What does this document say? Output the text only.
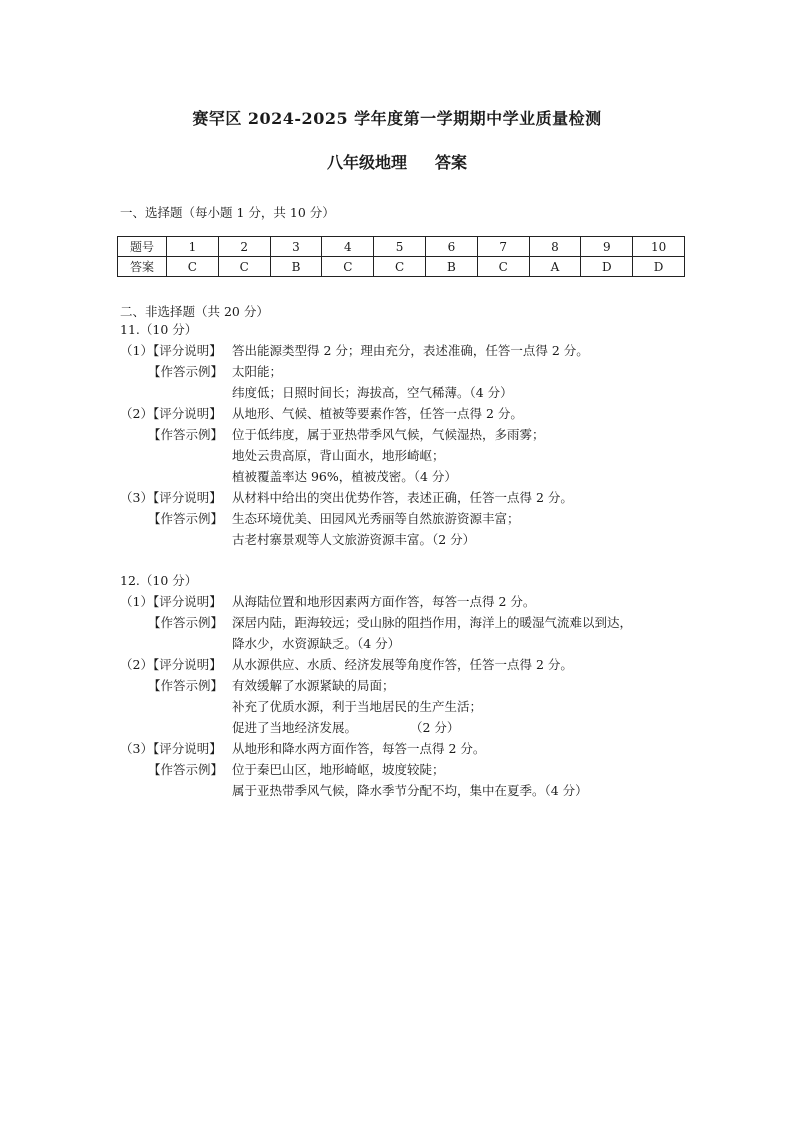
赛罕区 2024-2025 学年度第一学期期中学业质量检测
八年级地理 答案
一、选择题（每小题 1 分，共 10 分）
题号	1	2	3	4	5	6	7	8	9	10
答案	C	C	B	C	C	B	C	A	D	D
二、非选择题（共 20 分）
11.（10 分）
（1）【评分说明】 答出能源类型得 2 分；理由充分，表述准确，任答一点得 2 分。
【作答示例】 太阳能；
纬度低；日照时间长；海拔高，空气稀薄。（4 分）
（2）【评分说明】 从地形、气候、植被等要素作答，任答一点得 2 分。
【作答示例】 位于低纬度，属于亚热带季风气候，气候湿热，多雨雾；
地处云贵高原，背山面水，地形崎岖；
植被覆盖率达 96%，植被茂密。（4 分）
（3）【评分说明】 从材料中给出的突出优势作答，表述正确，任答一点得 2 分。
【作答示例】 生态环境优美、田园风光秀丽等自然旅游资源丰富；
古老村寨景观等人文旅游资源丰富。（2 分）
12.（10 分）
（1）【评分说明】 从海陆位置和地形因素两方面作答，每答一点得 2 分。
【作答示例】 深居内陆，距海较远；受山脉的阻挡作用，海洋上的暖湿气流难以到达，
降水少，水资源缺乏。（4 分）
（2）【评分说明】 从水源供应、水质、经济发展等角度作答，任答一点得 2 分。
【作答示例】 有效缓解了水源紧缺的局面；
补充了优质水源，利于当地居民的生产生活；
促进了当地经济发展。	（2 分）
（3）【评分说明】 从地形和降水两方面作答，每答一点得 2 分。
【作答示例】 位于秦巴山区，地形崎岖，坡度较陡；
属于亚热带季风气候，降水季节分配不均，集中在夏季。（4 分）
